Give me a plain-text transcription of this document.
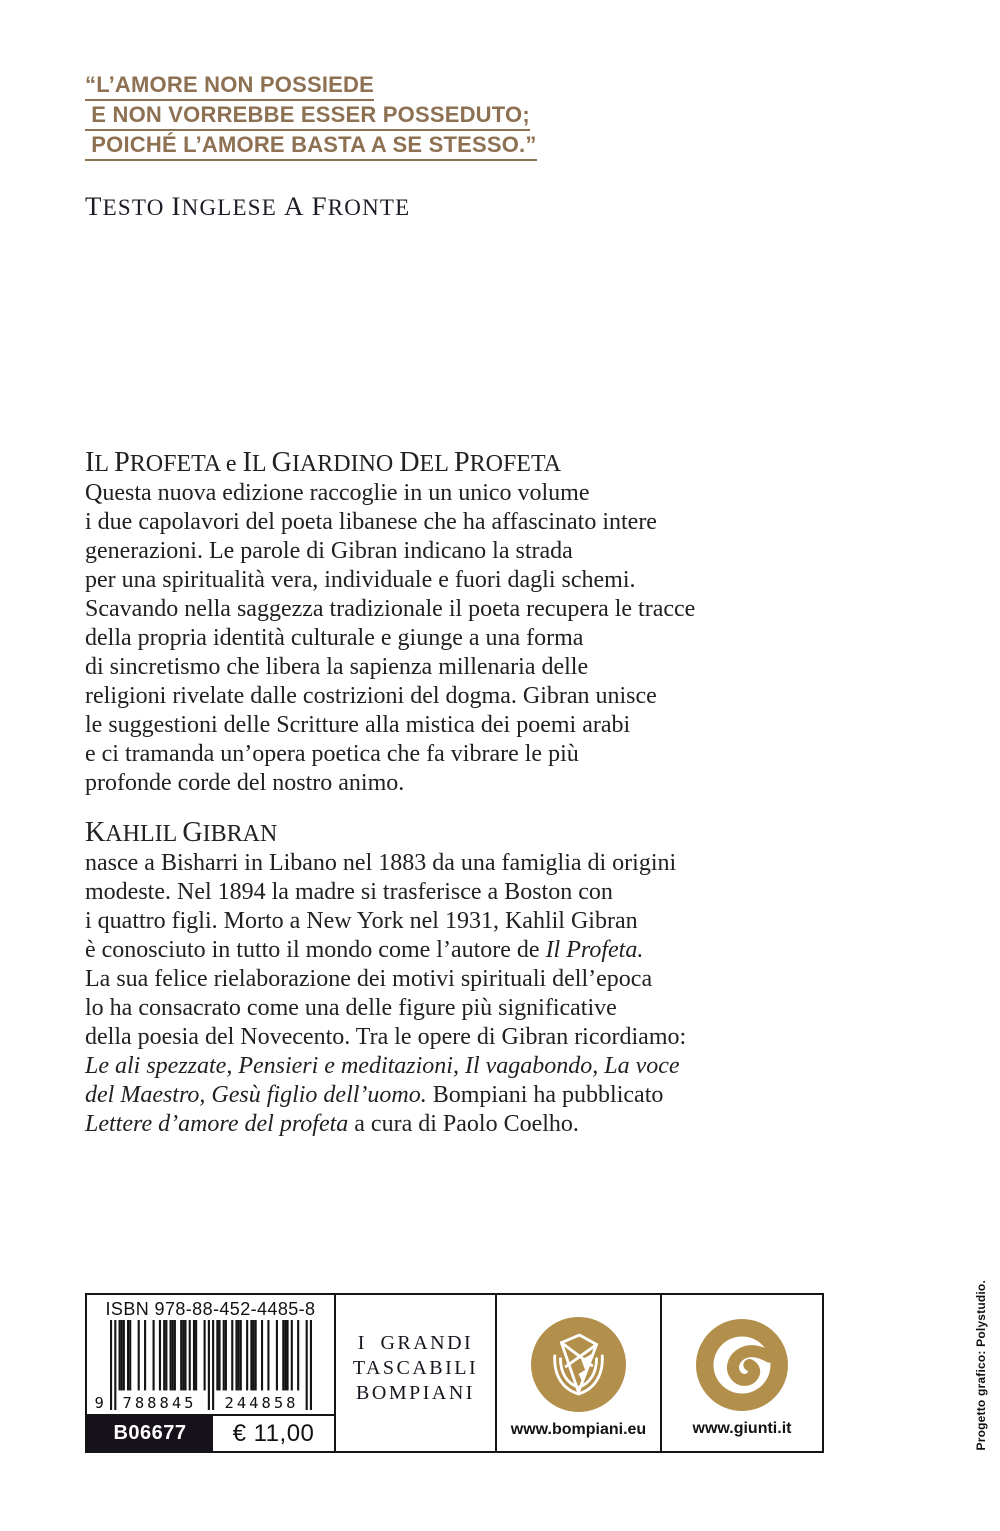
“L’AMORE NON POSSIEDE
E NON VORREBBE ESSER POSSEDUTO;
POICHÉ L’AMORE BASTA A SE STESSO.”
TESTO INGLESE A FRONTE
IL PROFETA e IL GIARDINO DEL PROFETA
Questa nuova edizione raccoglie in un unico volume
i due capolavori del poeta libanese che ha affascinato intere
generazioni. Le parole di Gibran indicano la strada
per una spiritualità vera, individuale e fuori dagli schemi.
Scavando nella saggezza tradizionale il poeta recupera le tracce
della propria identità culturale e giunge a una forma
di sincretismo che libera la sapienza millenaria delle
religioni rivelate dalle costrizioni del dogma. Gibran unisce
le suggestioni delle Scritture alla mistica dei poemi arabi
e ci tramanda un’opera poetica che fa vibrare le più
profonde corde del nostro animo.
KAHLIL GIBRAN
nasce a Bisharri in Libano nel 1883 da una famiglia di origini
modeste. Nel 1894 la madre si trasferisce a Boston con
i quattro figli. Morto a New York nel 1931, Kahlil Gibran
è conosciuto in tutto il mondo come l’autore de Il Profeta.
La sua felice rielaborazione dei motivi spirituali dell’epoca
lo ha consacrato come una delle figure più significative
della poesia del Novecento. Tra le opere di Gibran ricordiamo:
Le ali spezzate, Pensieri e meditazioni, Il vagabondo, La voce
del Maestro, Gesù figlio dell’uomo. Bompiani ha pubblicato
Lettere d’amore del profeta a cura di Paolo Coelho.
ISBN 978-88-452-4485-8
9	788845	244858
B06677	€ 11,00
I GRANDI
TASCABILI
BOMPIANI
www.bompiani.eu	www.giunti.it	Progetto grafico: Polystudio.
